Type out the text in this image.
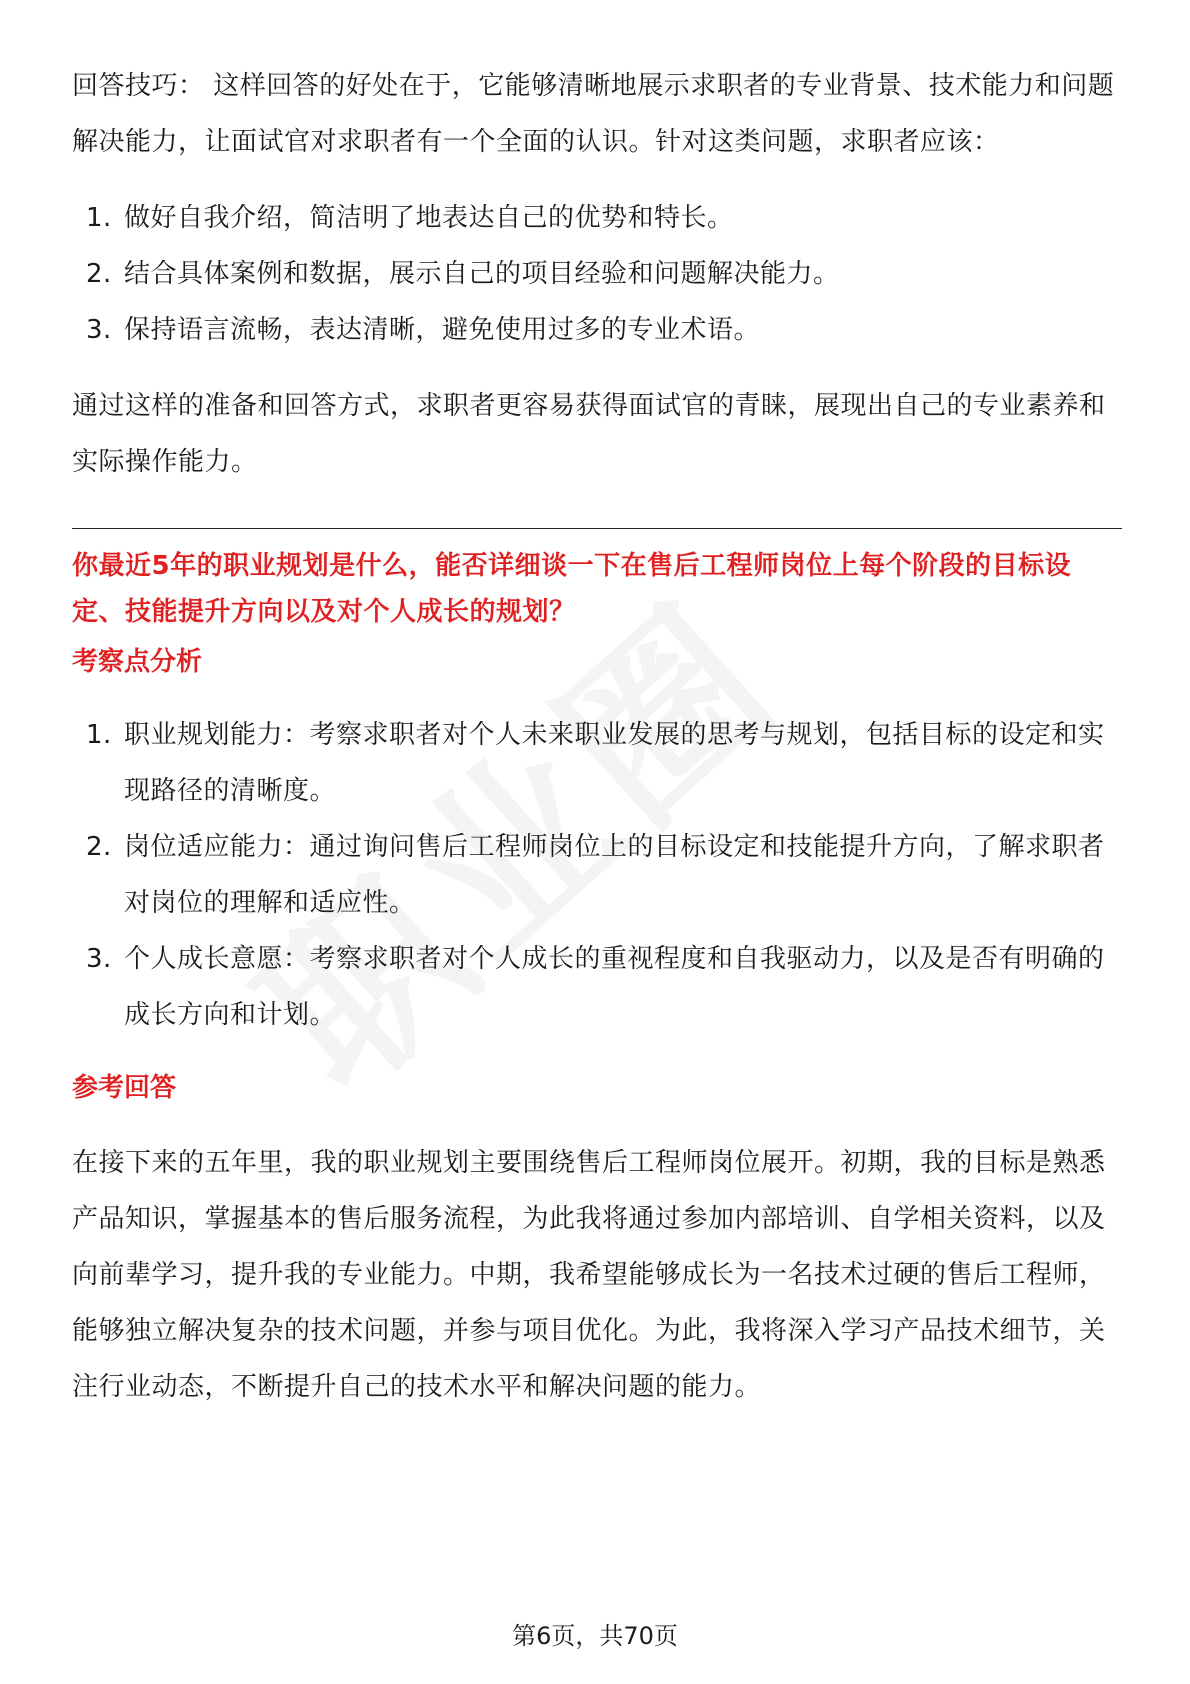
回答技巧： 这样回答的好处在于，它能够清晰地展示求职者的专业背景、技术能力和问题解决能力，让面试官对求职者有一个全面的认识。针对这类问题，求职者应该：

1. 做好自我介绍，简洁明了地表达自己的优势和特长。
2. 结合具体案例和数据，展示自己的项目经验和问题解决能力。
3. 保持语言流畅，表达清晰，避免使用过多的专业术语。

通过这样的准备和回答方式，求职者更容易获得面试官的青睐，展现出自己的专业素养和实际操作能力。

你最近5年的职业规划是什么，能否详细谈一下在售后工程师岗位上每个阶段的目标设定、技能提升方向以及对个人成长的规划？

考察点分析

1. 职业规划能力：考察求职者对个人未来职业发展的思考与规划，包括目标的设定和实现路径的清晰度。
2. 岗位适应能力：通过询问售后工程师岗位上的目标设定和技能提升方向，了解求职者对岗位的理解和适应性。
3. 个人成长意愿：考察求职者对个人成长的重视程度和自我驱动力，以及是否有明确的成长方向和计划。

参考回答

在接下来的五年里，我的职业规划主要围绕售后工程师岗位展开。初期，我的目标是熟悉产品知识，掌握基本的售后服务流程，为此我将通过参加内部培训、自学相关资料，以及向前辈学习，提升我的专业能力。中期，我希望能够成长为一名技术过硬的售后工程师，能够独立解决复杂的技术问题，并参与项目优化。为此，我将深入学习产品技术细节，关注行业动态，不断提升自己的技术水平和解决问题的能力。

第6页，共70页
